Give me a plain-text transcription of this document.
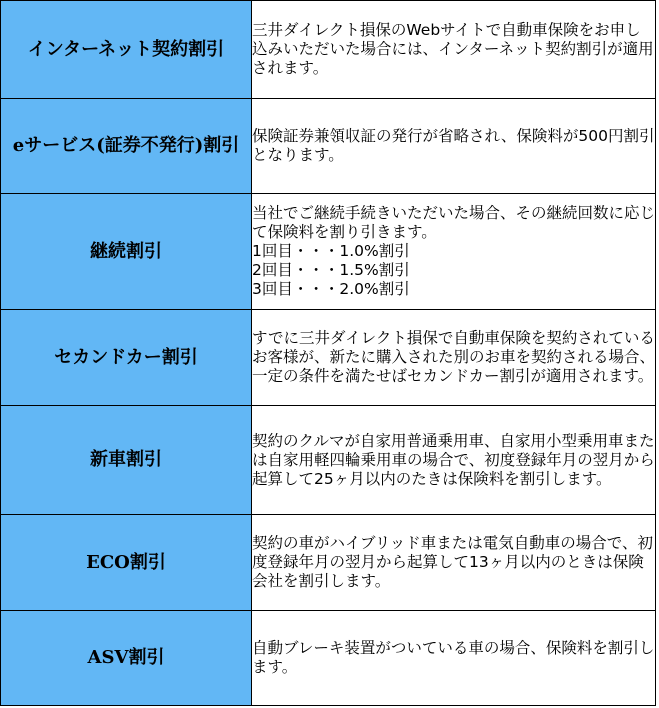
インターネット契約割引	三井ダイレクト損保のWebサイトで自動車保険をお申し込みいただいた場合には、インターネット契約割引が適用されます。
eサービス(証券不発行)割引	保険証券兼領収証の発行が省略され、保険料が500円割引となります。
継続割引	当社でご継続手続きいただいた場合、その継続回数に応じて保険料を割り引きます。
1回目・・・1.0%割引
2回目・・・1.5%割引
3回目・・・2.0%割引

セカンドカー割引	すでに三井ダイレクト損保で自動車保険を契約されているお客様が、新たに購入された別のお車を契約される場合、一定の条件を満たせばセカンドカー割引が適用されます。
新車割引	契約のクルマが自家用普通乗用車、自家用小型乗用車または自家用軽四輪乗用車の場合で、初度登録年月の翌月から起算して25ヶ月以内のたきは保険料を割引します。
ECO割引	契約の車がハイブリッド車または電気自動車の場合で、初度登録年月の翌月から起算して13ヶ月以内のときは保険会社を割引します。
ASV割引	自動ブレーキ装置がついている車の場合、保険料を割引します。
